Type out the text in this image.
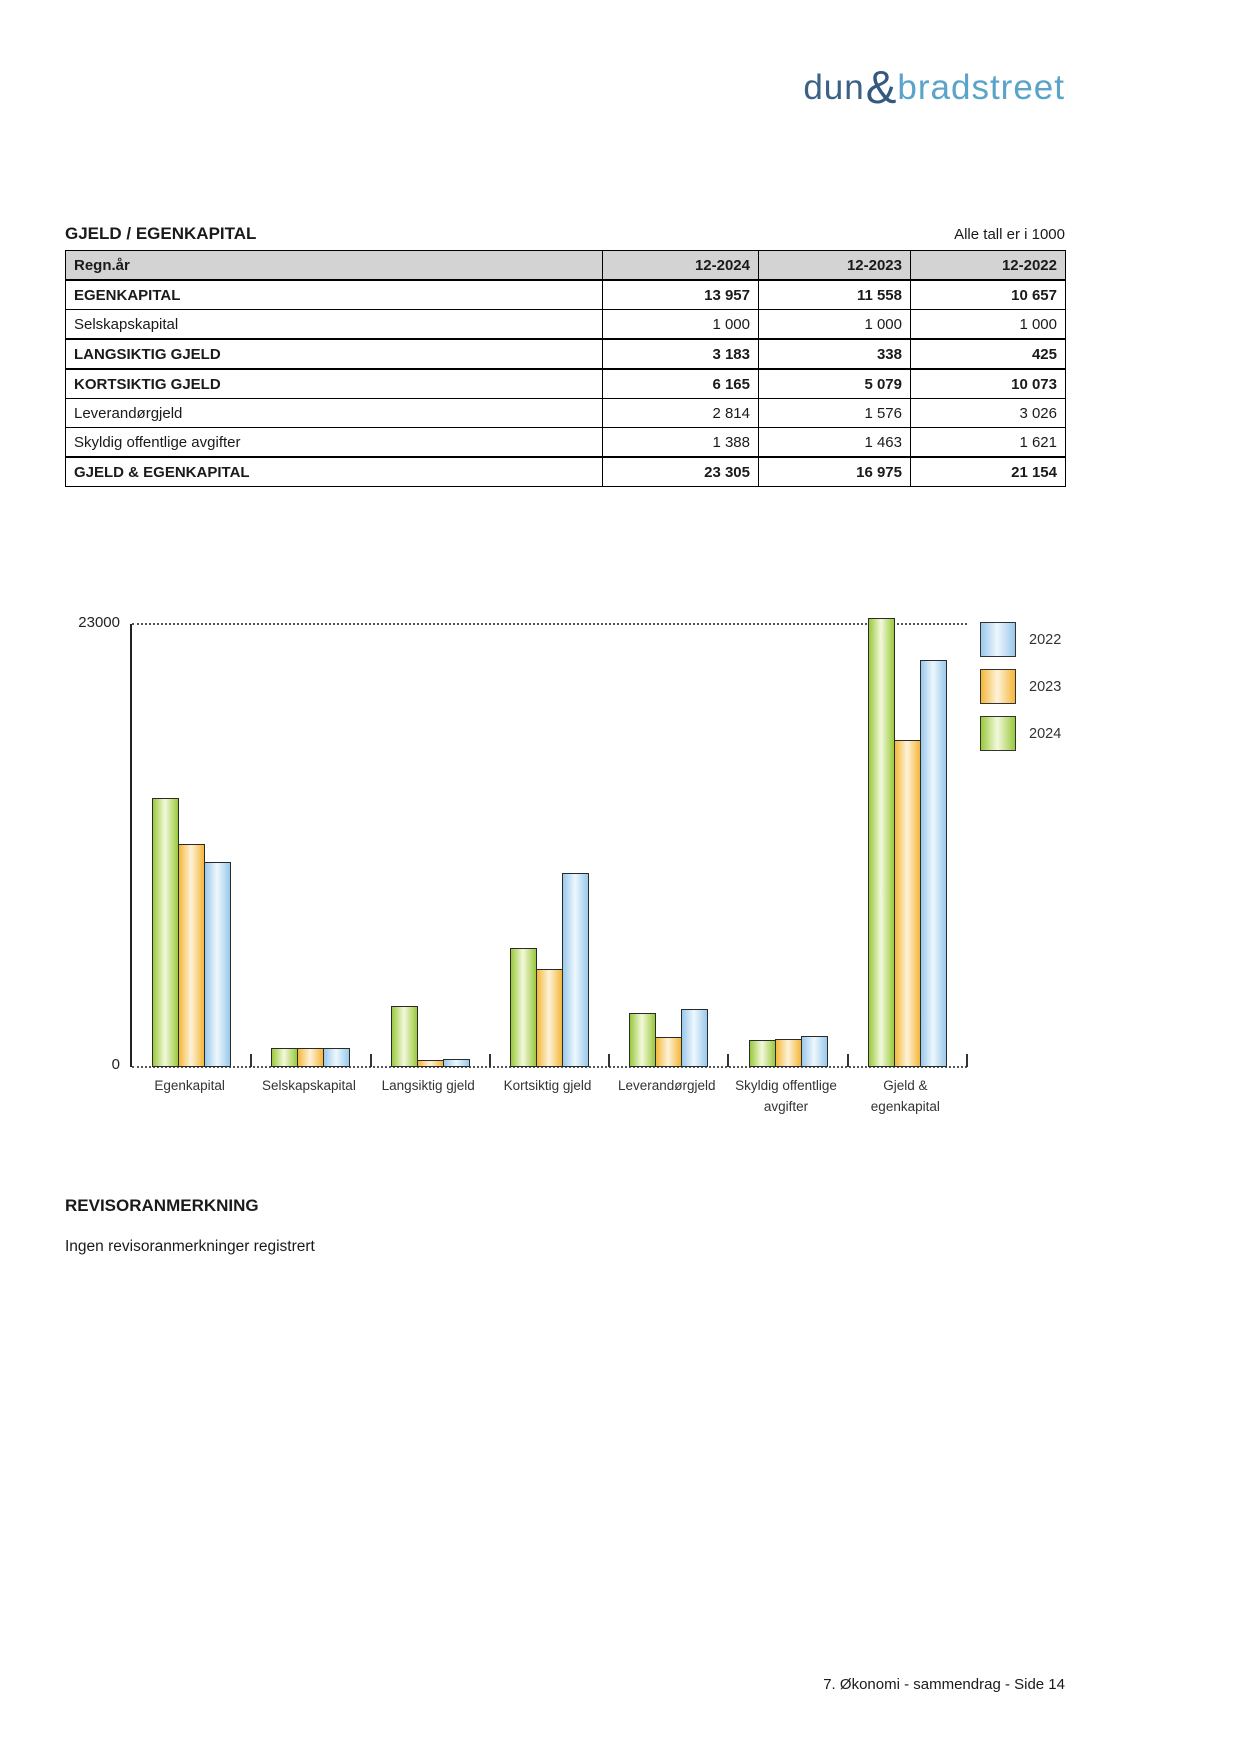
dun & bradstreet
GJELD / EGENKAPITAL	Alle tall er i 1000
Regn.år	12-2024	12-2023	12-2022
EGENKAPITAL	13 957	11 558	10 657
Selskapskapital	1 000	1 000	1 000
LANGSIKTIG GJELD	3 183	338	425
KORTSIKTIG GJELD	6 165	5 079	10 073
Leverandørgjeld	2 814	1 576	3 026
Skyldig offentlige avgifter	1 388	1 463	1 621
GJELD & EGENKAPITAL	23 305	16 975	21 154
23000
0
Egenkapital	Selskapskapital	Langsiktig gjeld	Kortsiktig gjeld	Leverandørgjeld	Skyldig offentlige avgifter
Gjeld & egenkapital
2022
2023
2024
REVISORANMERKNING
Ingen revisoranmerkninger registrert
7. Økonomi - sammendrag - Side 14
